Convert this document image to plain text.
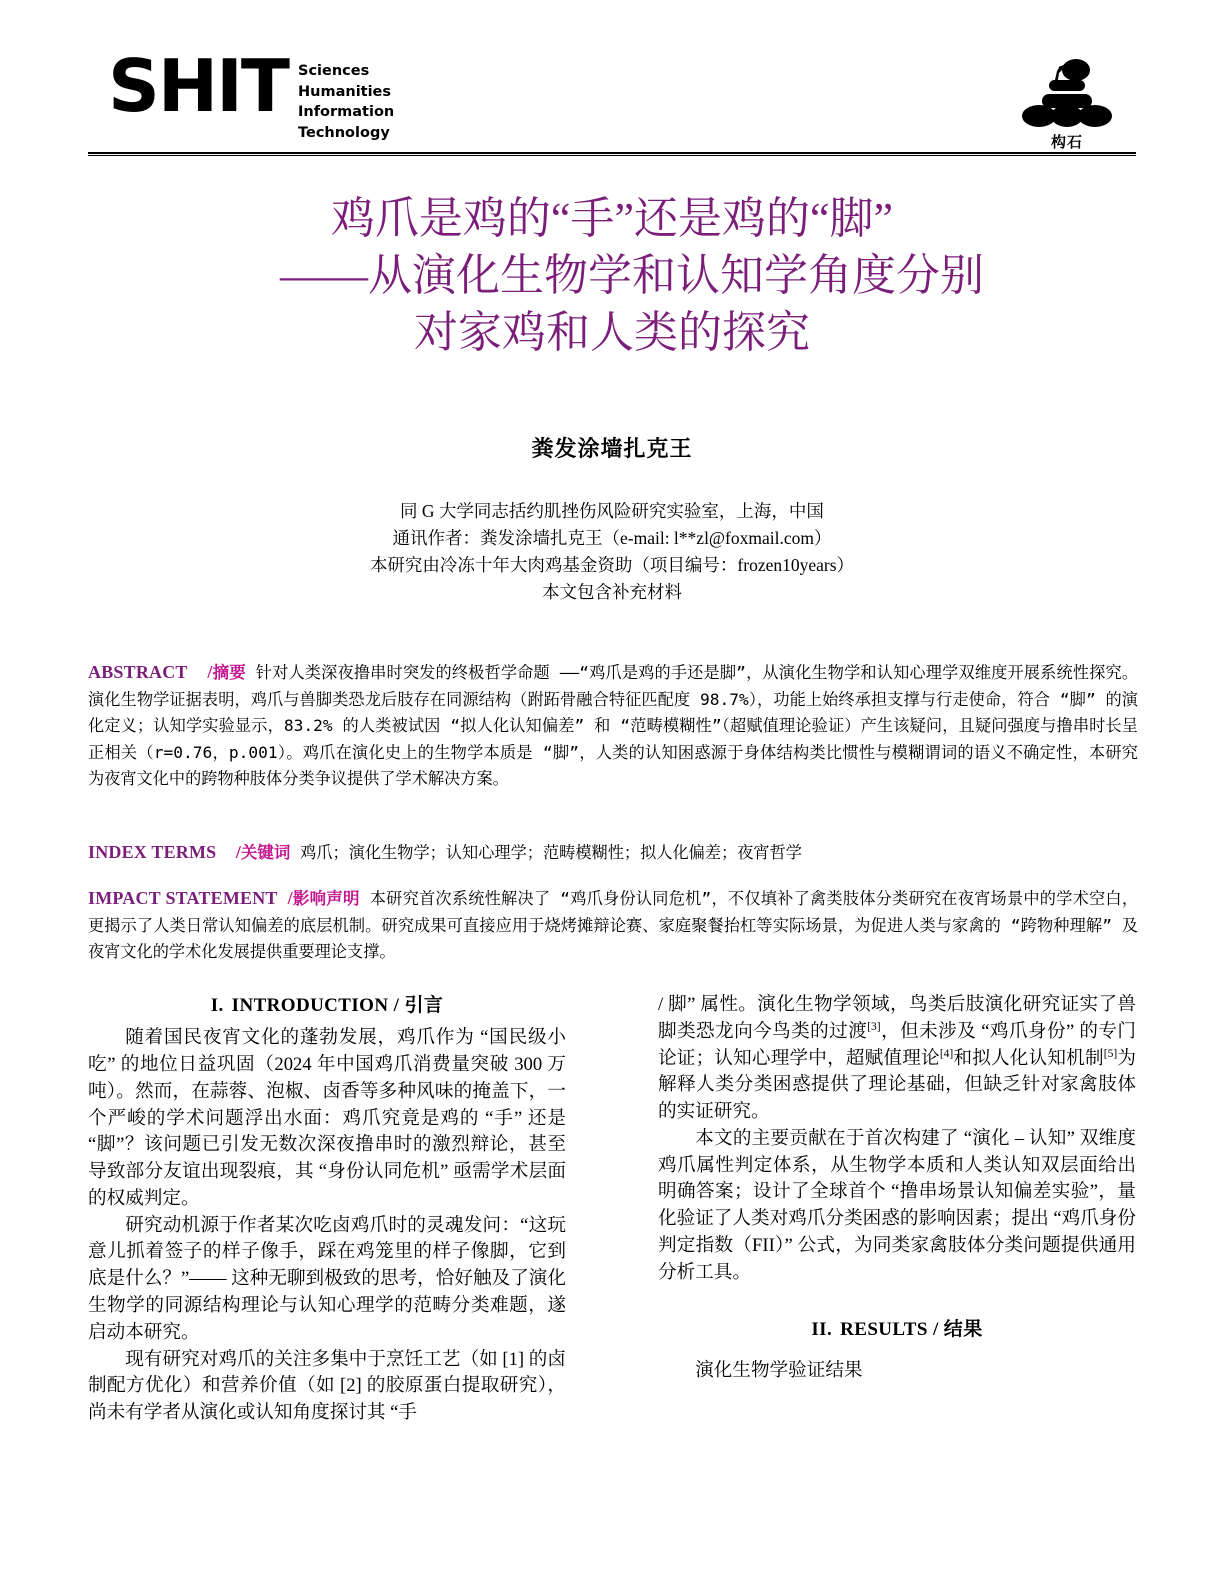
SHIT Sciences
Humanities
Information
Technology
构石
鸡爪是鸡的“手”还是鸡的“脚”
——从演化生物学和认知学角度分别
对家鸡和人类的探究
粪发涂墙扎克王
同 G 大学同志括约肌挫伤风险研究实验室，上海，中国
通讯作者：粪发涂墙扎克王（e-mail: l**zl@foxmail.com）
本研究由冷冻十年大肉鸡基金资助（项目编号：frozen10years）
本文包含补充材料
ABSTRACT /摘要 针对人类深夜撸串时突发的终极哲学命题 ——“鸡爪是鸡的手还是脚”，从演化生物学和认知心理学双维度开展系统性探究。演化生物学证据表明，鸡爪与兽脚类恐龙后肢存在同源结构（跗跖骨融合特征匹配度 98.7%），功能上始终承担支撑与行走使命，符合 “脚” 的演化定义；认知学实验显示，83.2% 的人类被试因 “拟人化认知偏差” 和 “范畴模糊性”（超赋值理论验证）产生该疑问，且疑问强度与撸串时长呈正相关（r=0.76，p.001）。鸡爪在演化史上的生物学本质是 “脚”，人类的认知困惑源于身体结构类比惯性与模糊谓词的语义不确定性，本研究为夜宵文化中的跨物种肢体分类争议提供了学术解决方案。
INDEX TERMS /关键词 鸡爪；演化生物学；认知心理学；范畴模糊性；拟人化偏差；夜宵哲学
IMPACT STATEMENT /影响声明 本研究首次系统性解决了 “鸡爪身份认同危机”，不仅填补了禽类肢体分类研究在夜宵场景中的学术空白，更揭示了人类日常认知偏差的底层机制。研究成果可直接应用于烧烤摊辩论赛、家庭聚餐抬杠等实际场景，为促进人类与家禽的 “跨物种理解” 及夜宵文化的学术化发展提供重要理论支撑。
I. INTRODUCTION / 引言

随着国民夜宵文化的蓬勃发展，鸡爪作为 “国民级小吃” 的地位日益巩固（2024 年中国鸡爪消费量突破 300 万吨）。然而，在蒜蓉、泡椒、卤香等多种风味的掩盖下，一个严峻的学术问题浮出水面：鸡爪究竟是鸡的 “手” 还是 “脚”？该问题已引发无数次深夜撸串时的激烈辩论，甚至导致部分友谊出现裂痕，其 “身份认同危机” 亟需学术层面的权威判定。

研究动机源于作者某次吃卤鸡爪时的灵魂发问：“这玩意儿抓着签子的样子像手，踩在鸡笼里的样子像脚，它到底是什么？”—— 这种无聊到极致的思考，恰好触及了演化生物学的同源结构理论与认知心理学的范畴分类难题，遂启动本研究。

现有研究对鸡爪的关注多集中于烹饪工艺（如 [1] 的卤制配方优化）和营养价值（如 [2] 的胶原蛋白提取研究），尚未有学者从演化或认知角度探讨其 “手

/ 脚” 属性。演化生物学领域，鸟类后肢演化研究证实了兽脚类恐龙向今鸟类的过渡[3]，但未涉及 “鸡爪身份” 的专门论证；认知心理学中，超赋值理论[4]和拟人化认知机制[5]为解释人类分类困惑提供了理论基础，但缺乏针对家禽肢体的实证研究。

本文的主要贡献在于首次构建了 “演化 – 认知” 双维度鸡爪属性判定体系，从生物学本质和人类认知双层面给出明确答案；设计了全球首个 “撸串场景认知偏差实验”，量化验证了人类对鸡爪分类困惑的影响因素；提出 “鸡爪身份判定指数（FII）” 公式，为同类家禽肢体分类问题提供通用分析工具。

II. RESULTS / 结果

演化生物学验证结果
